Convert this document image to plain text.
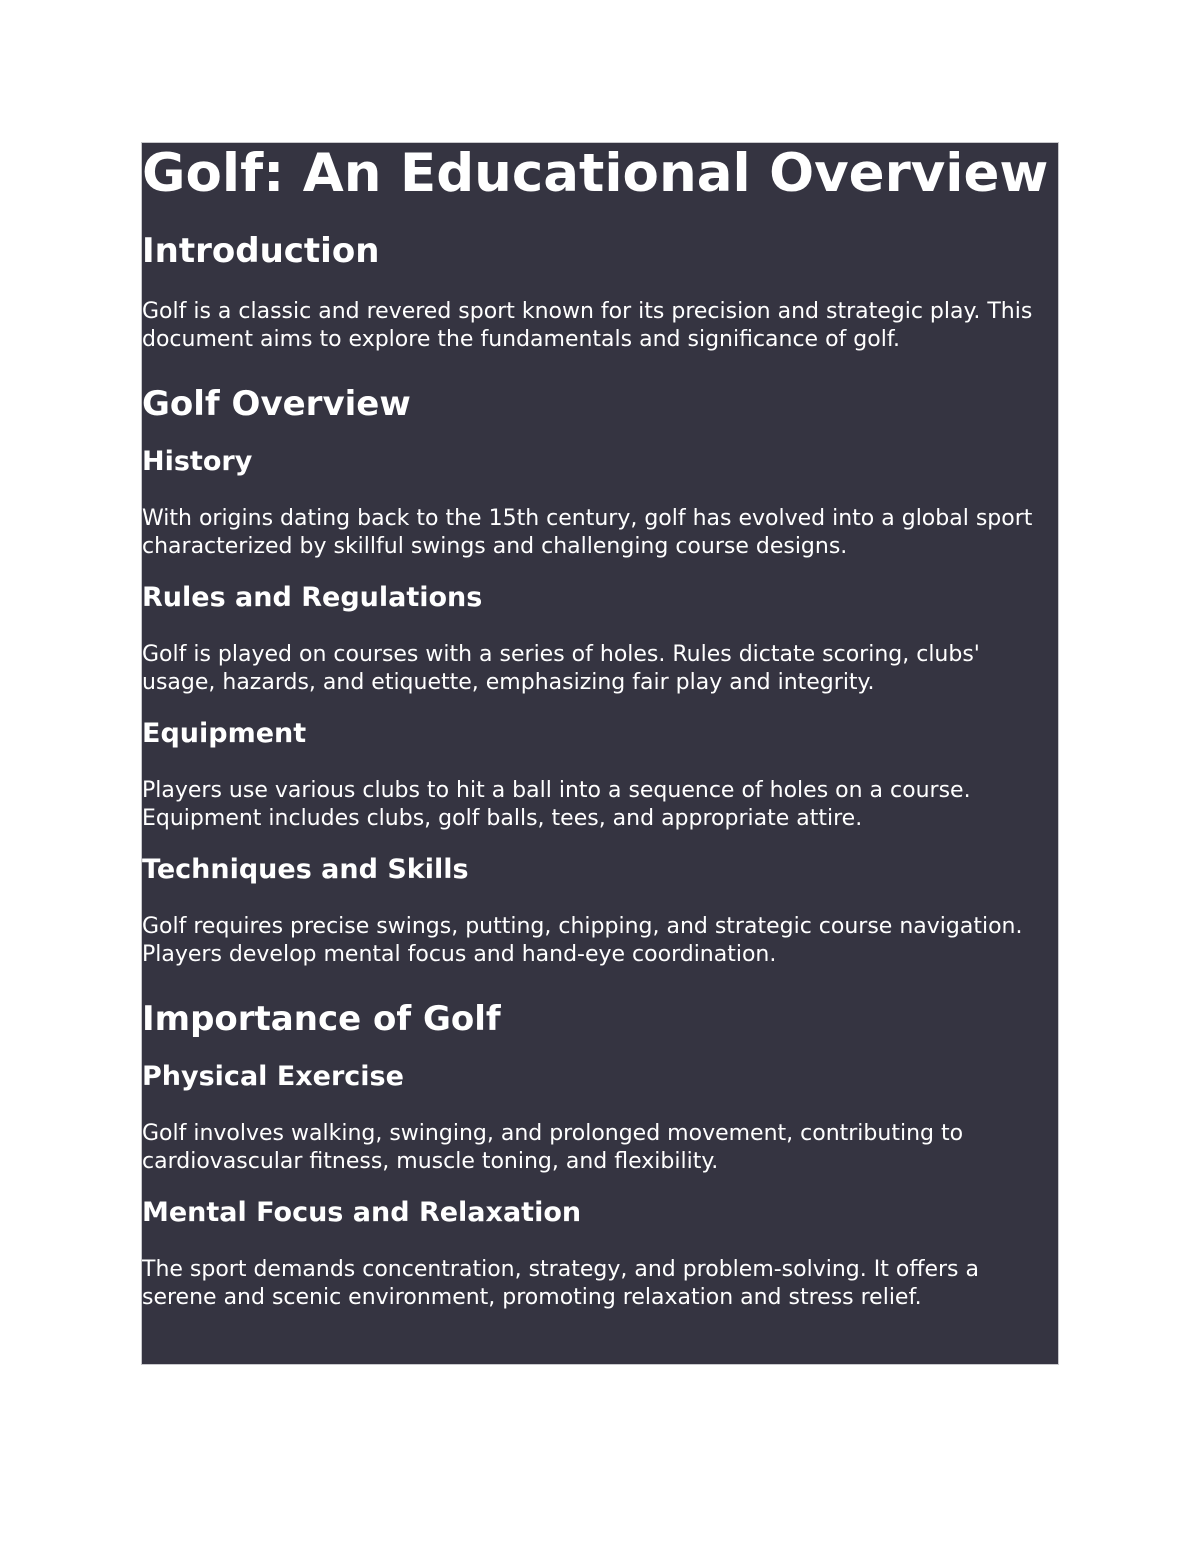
Golf: An Educational Overview
Introduction

Golf is a classic and revered sport known for its precision and strategic play. This document aims to explore the fundamentals and significance of golf.

Golf Overview
History

With origins dating back to the 15th century, golf has evolved into a global sport characterized by skillful swings and challenging course designs.

Rules and Regulations

Golf is played on courses with a series of holes. Rules dictate scoring, clubs' usage, hazards, and etiquette, emphasizing fair play and integrity.

Equipment

Players use various clubs to hit a ball into a sequence of holes on a course. Equipment includes clubs, golf balls, tees, and appropriate attire.

Techniques and Skills

Golf requires precise swings, putting, chipping, and strategic course navigation. Players develop mental focus and hand-eye coordination.

Importance of Golf
Physical Exercise

Golf involves walking, swinging, and prolonged movement, contributing to cardiovascular fitness, muscle toning, and flexibility.

Mental Focus and Relaxation

The sport demands concentration, strategy, and problem-solving. It offers a serene and scenic environment, promoting relaxation and stress relief.
